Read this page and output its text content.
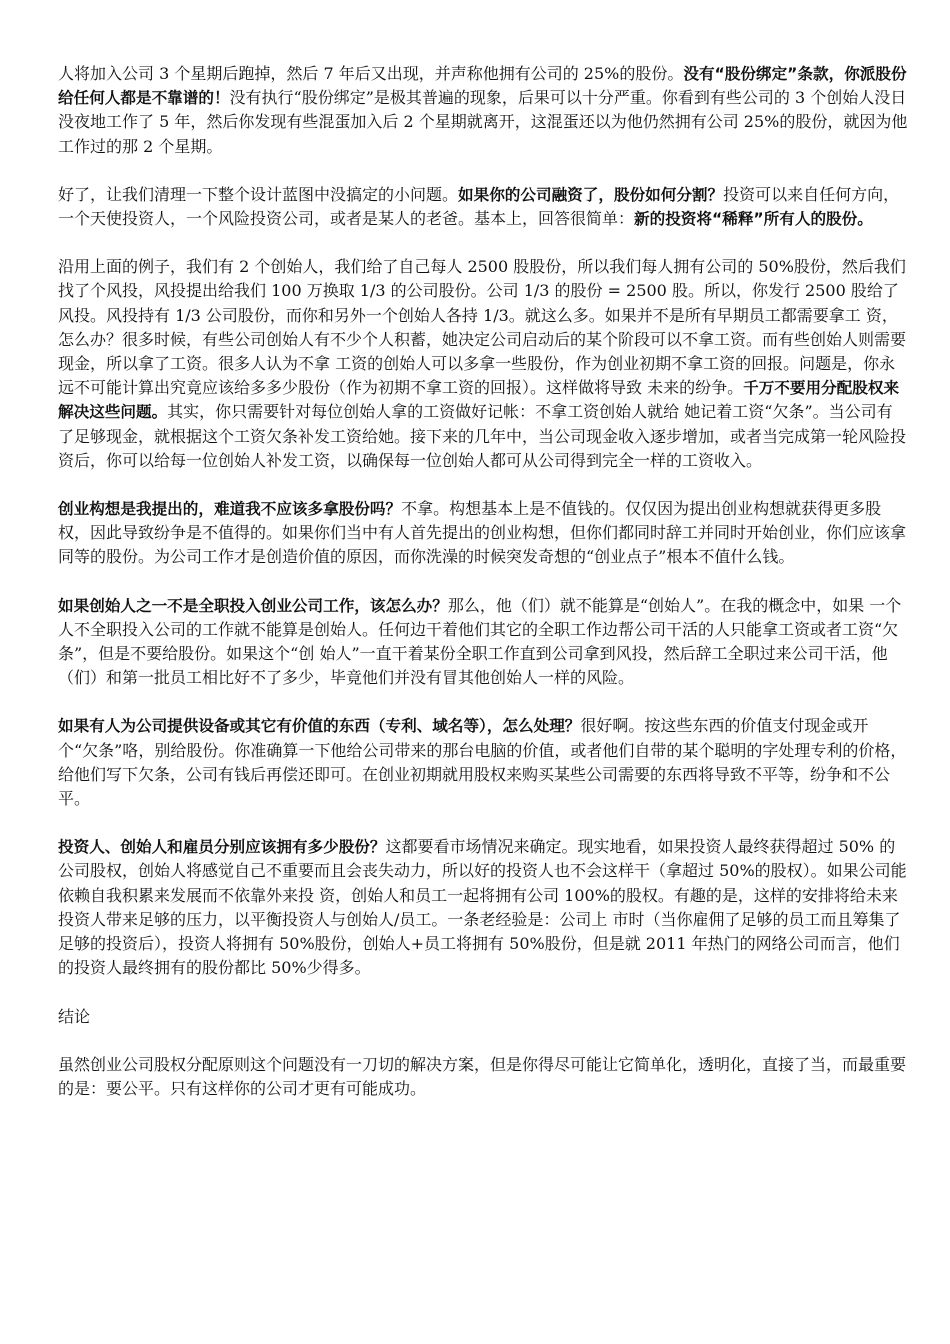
人将加入公司 3 个星期后跑掉，然后 7 年后又出现，并声称他拥有公司的 25%的股份。没有“股份绑定”条款，你派股份给任何人都是不靠谱的！没有执行“股份绑定”是极其普遍的现象，后果可以十分严重。你看到有些公司的 3 个创始人没日没夜地工作了 5 年，然后你发现有些混蛋加入后 2 个星期就离开，这混蛋还以为他仍然拥有公司 25%的股份，就因为他工作过的那 2 个星期。

好了，让我们清理一下整个设计蓝图中没搞定的小问题。如果你的公司融资了，股份如何分割？投资可以来自任何方向，一个天使投资人，一个风险投资公司，或者是某人的老爸。基本上，回答很简单：新的投资将“稀释”所有人的股份。

沿用上面的例子，我们有 2 个创始人，我们给了自己每人 2500 股股份，所以我们每人拥有公司的 50%股份，然后我们找了个风投，风投提出给我们 100 万换取 1/3 的公司股份。公司 1/3 的股份 = 2500 股。所以，你发行 2500 股给了风投。风投持有 1/3 公司股份，而你和另外一个创始人各持 1/3。就这么多。如果并不是所有早期员工都需要拿工 资，怎么办？很多时候，有些公司创始人有不少个人积蓄，她决定公司启动后的某个阶段可以不拿工资。而有些创始人则需要现金，所以拿了工资。很多人认为不拿 工资的创始人可以多拿一些股份，作为创业初期不拿工资的回报。问题是，你永远不可能计算出究竟应该给多多少股份（作为初期不拿工资的回报）。这样做将导致 未来的纷争。千万不要用分配股权来解决这些问题。其实，你只需要针对每位创始人拿的工资做好记帐：不拿工资创始人就给 她记着工资“欠条”。当公司有了足够现金，就根据这个工资欠条补发工资给她。接下来的几年中，当公司现金收入逐步增加，或者当完成第一轮风险投资后，你可以给每一位创始人补发工资，以确保每一位创始人都可从公司得到完全一样的工资收入。

创业构想是我提出的，难道我不应该多拿股份吗？不拿。构想基本上是不值钱的。仅仅因为提出创业构想就获得更多股 权，因此导致纷争是不值得的。如果你们当中有人首先提出的创业构想，但你们都同时辞工并同时开始创业，你们应该拿同等的股份。为公司工作才是创造价值的原因，而你洗澡的时候突发奇想的“创业点子”根本不值什么钱。

如果创始人之一不是全职投入创业公司工作，该怎么办？那么，他（们）就不能算是“创始人”。在我的概念中，如果 一个人不全职投入公司的工作就不能算是创始人。任何边干着他们其它的全职工作边帮公司干活的人只能拿工资或者工资“欠条”，但是不要给股份。如果这个“创 始人”一直干着某份全职工作直到公司拿到风投，然后辞工全职过来公司干活，他（们）和第一批员工相比好不了多少，毕竟他们并没有冒其他创始人一样的风险。

如果有人为公司提供设备或其它有价值的东西（专利、域名等），怎么处理？很好啊。按这些东西的价值支付现金或开个“欠条”咯，别给股份。你准确算一下他给公司带来的那台电脑的价值，或者他们自带的某个聪明的字处理专利的价格，给他们写下欠条，公司有钱后再偿还即可。在创业初期就用股权来购买某些公司需要的东西将导致不平等，纷争和不公平。

投资人、创始人和雇员分别应该拥有多少股份？这都要看市场情况来确定。现实地看，如果投资人最终获得超过 50% 的公司股权，创始人将感觉自己不重要而且会丧失动力，所以好的投资人也不会这样干（拿超过 50%的股权）。如果公司能依赖自我积累来发展而不依靠外来投 资，创始人和员工一起将拥有公司 100%的股权。有趣的是，这样的安排将给未来投资人带来足够的压力，以平衡投资人与创始人/员工。一条老经验是：公司上 市时（当你雇佣了足够的员工而且筹集了足够的投资后），投资人将拥有 50%股份，创始人+员工将拥有 50%股份，但是就 2011 年热门的网络公司而言，他们的投资人最终拥有的股份都比 50%少得多。

结论

虽然创业公司股权分配原则这个问题没有一刀切的解决方案，但是你得尽可能让它简单化，透明化，直接了当，而最重要的是：要公平。只有这样你的公司才更有可能成功。
